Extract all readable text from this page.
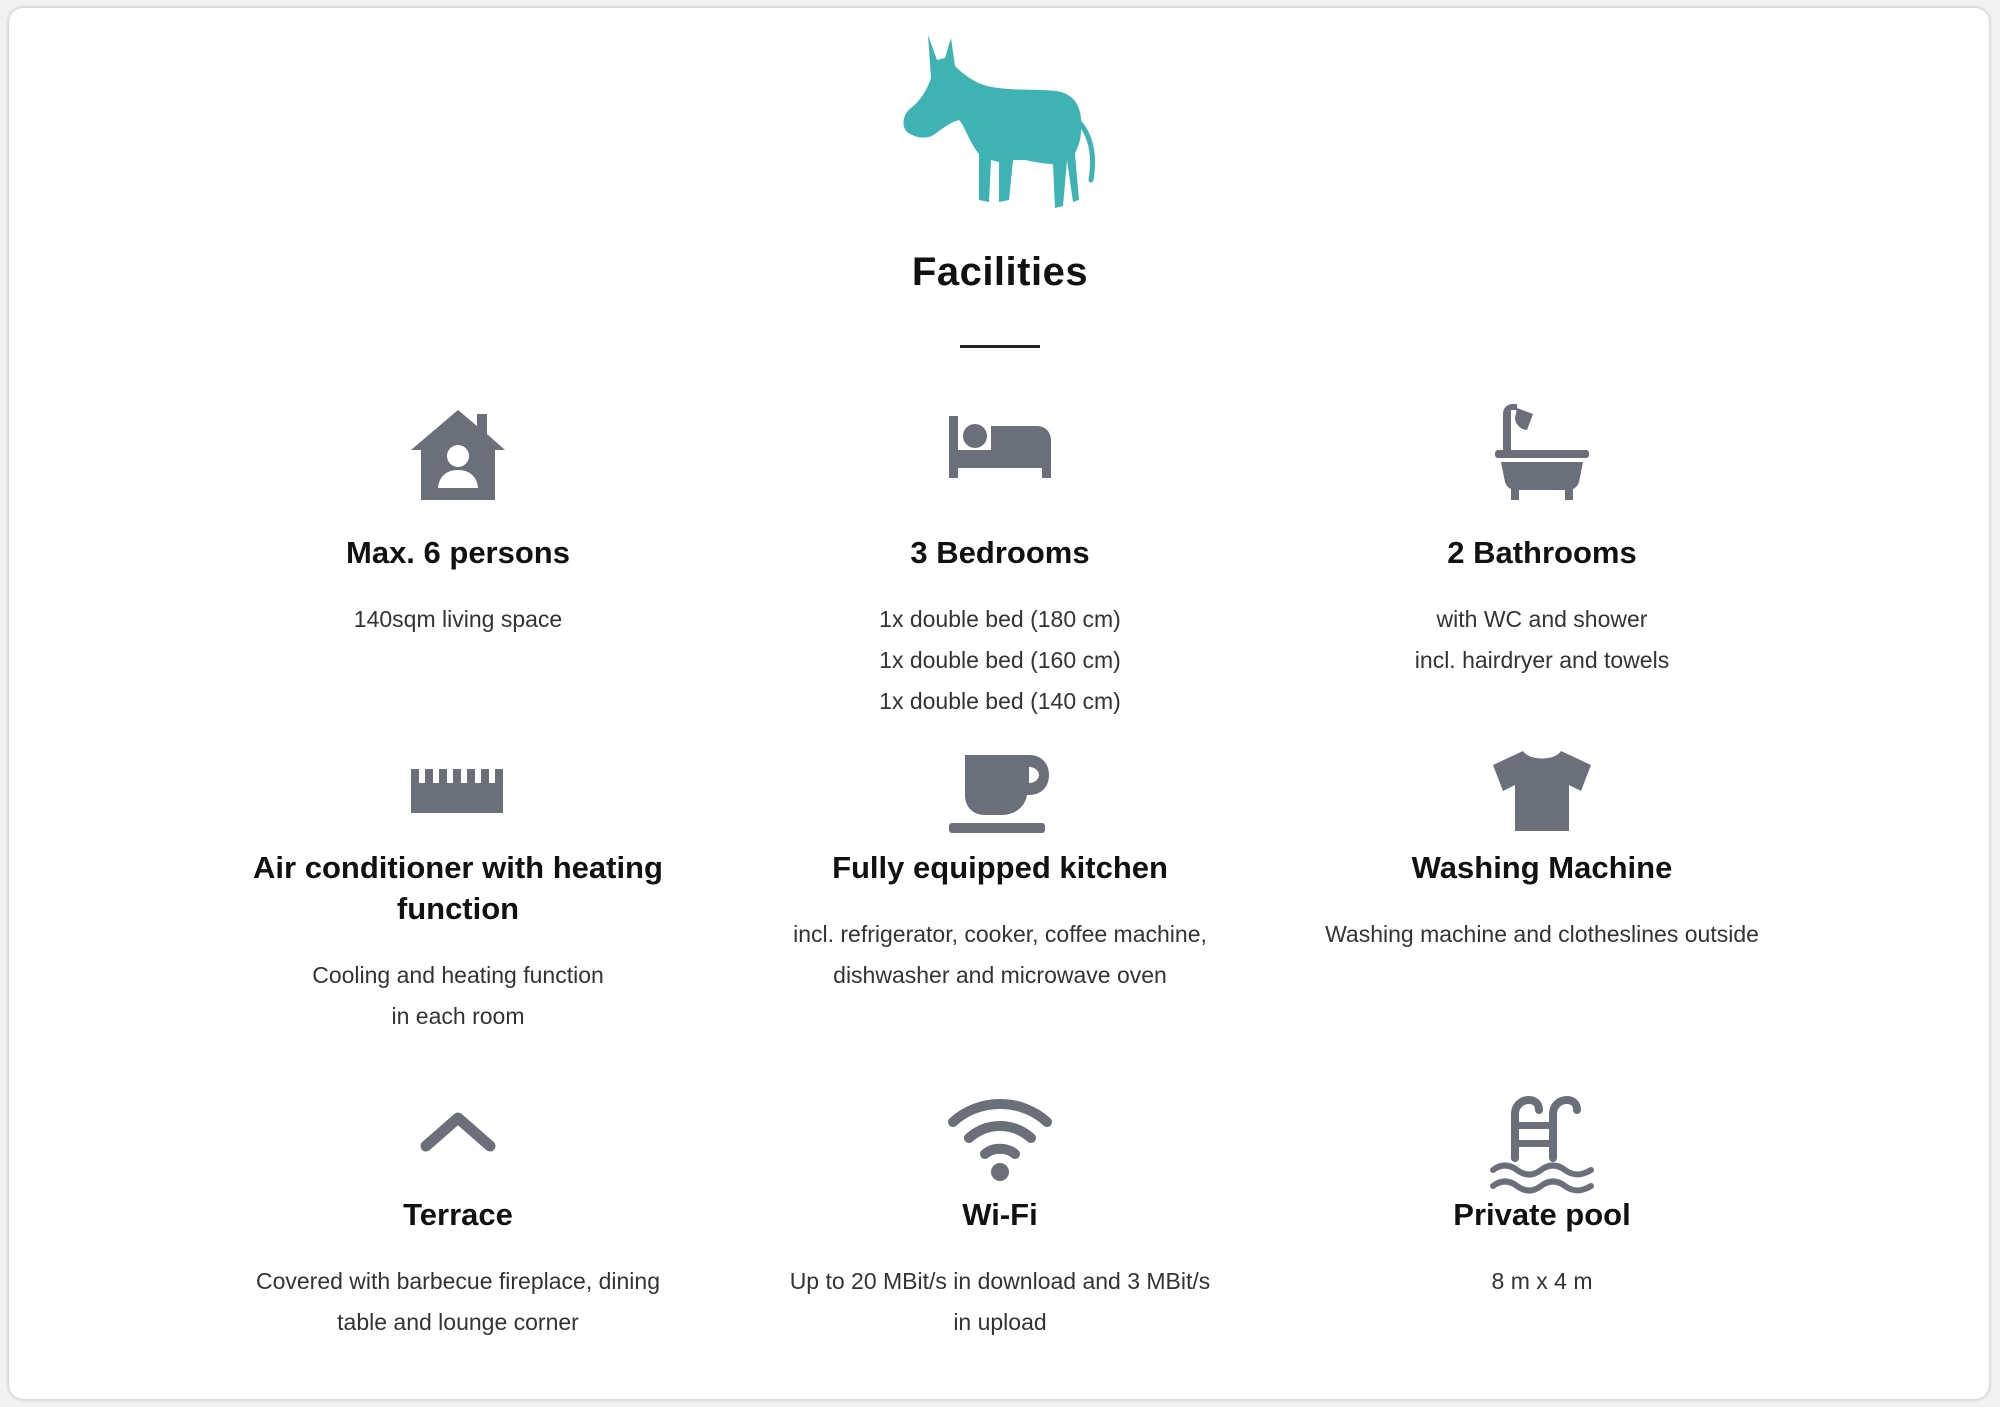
Facilities
Max. 6 persons
140sqm living space
3 Bedrooms
1x double bed (180 cm)
1x double bed (160 cm)
1x double bed (140 cm)
2 Bathrooms
with WC and shower
incl. hairdryer and towels
Air conditioner with heating function
Cooling and heating function
in each room
Fully equipped kitchen
incl. refrigerator, cooker, coffee machine,
dishwasher and microwave oven
Washing Machine
Washing machine and clotheslines outside
Terrace
Covered with barbecue fireplace, dining
table and lounge corner
Wi-Fi
Up to 20 MBit/s in download and 3 MBit/s
in upload
Private pool
8 m x 4 m
